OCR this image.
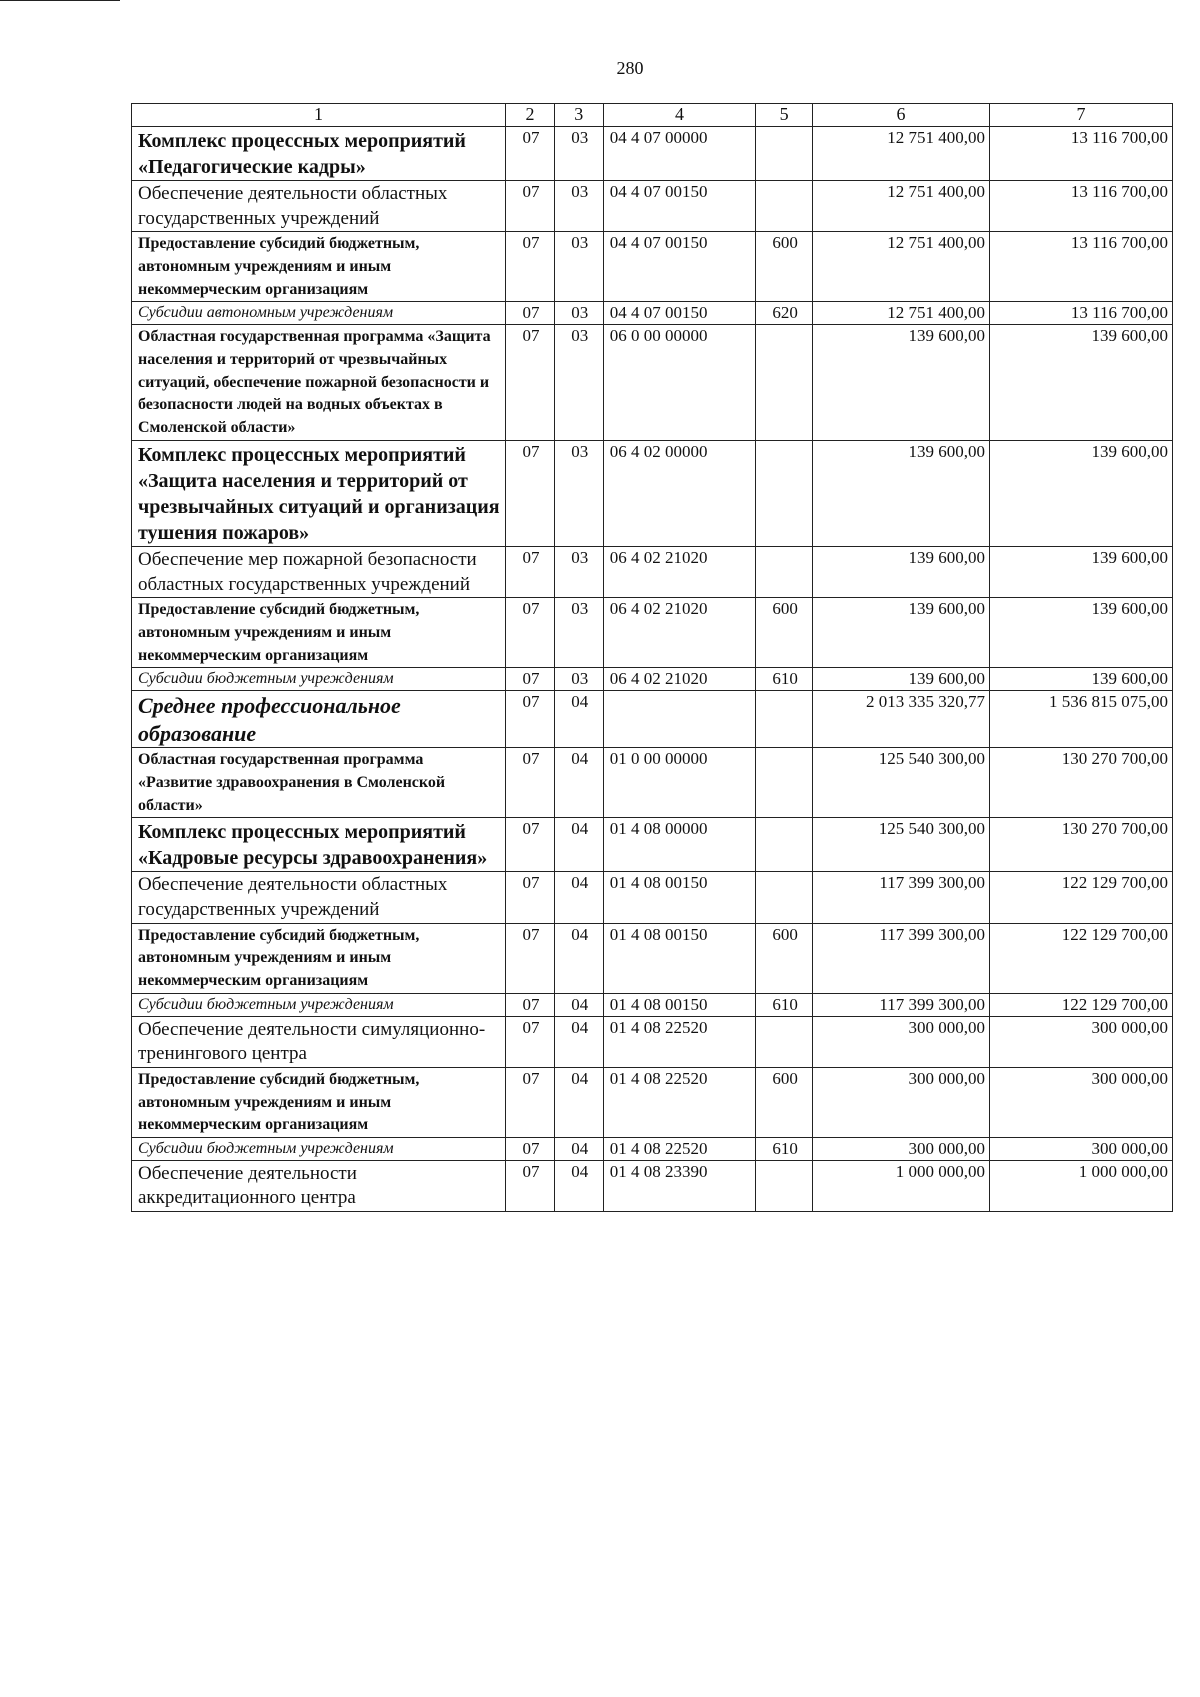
280
1	2	3	4	5	6	7
Комплекс процессных мероприятий «Педагогические кадры»	07	03	04 4 07 00000		12 751 400,00	13 116 700,00
Обеспечение деятельности областных государственных учреждений	07	03	04 4 07 00150		12 751 400,00	13 116 700,00
Предоставление субсидий бюджетным, автономным учреждениям и иным некоммерческим организациям	07	03	04 4 07 00150	600	12 751 400,00	13 116 700,00
Субсидии автономным учреждениям	07	03	04 4 07 00150	620	12 751 400,00	13 116 700,00
Областная государственная программа «Защита населения и территорий от чрезвычайных ситуаций, обеспечение пожарной безопасности и безопасности людей на водных объектах в Смоленской области»	07	03	06 0 00 00000		139 600,00	139 600,00
Комплекс процессных мероприятий «Защита населения и территорий от чрезвычайных ситуаций и организация тушения пожаров»	07	03	06 4 02 00000		139 600,00	139 600,00
Обеспечение мер пожарной безопасности областных государственных учреждений	07	03	06 4 02 21020		139 600,00	139 600,00
Предоставление субсидий бюджетным, автономным учреждениям и иным некоммерческим организациям	07	03	06 4 02 21020	600	139 600,00	139 600,00
Субсидии бюджетным учреждениям	07	03	06 4 02 21020	610	139 600,00	139 600,00
Среднее профессиональное образование	07	04			2 013 335 320,77	1 536 815 075,00
Областная государственная программа «Развитие здравоохранения в Смоленской области»	07	04	01 0 00 00000		125 540 300,00	130 270 700,00
Комплекс процессных мероприятий «Кадровые ресурсы здравоохранения»	07	04	01 4 08 00000		125 540 300,00	130 270 700,00
Обеспечение деятельности областных государственных учреждений	07	04	01 4 08 00150		117 399 300,00	122 129 700,00
Предоставление субсидий бюджетным, автономным учреждениям и иным некоммерческим организациям	07	04	01 4 08 00150	600	117 399 300,00	122 129 700,00
Субсидии бюджетным учреждениям	07	04	01 4 08 00150	610	117 399 300,00	122 129 700,00
Обеспечение деятельности симуляционно-тренингового центра	07	04	01 4 08 22520		300 000,00	300 000,00
Предоставление субсидий бюджетным, автономным учреждениям и иным некоммерческим организациям	07	04	01 4 08 22520	600	300 000,00	300 000,00
Субсидии бюджетным учреждениям	07	04	01 4 08 22520	610	300 000,00	300 000,00
Обеспечение деятельности аккредитационного центра	07	04	01 4 08 23390		1 000 000,00	1 000 000,00
